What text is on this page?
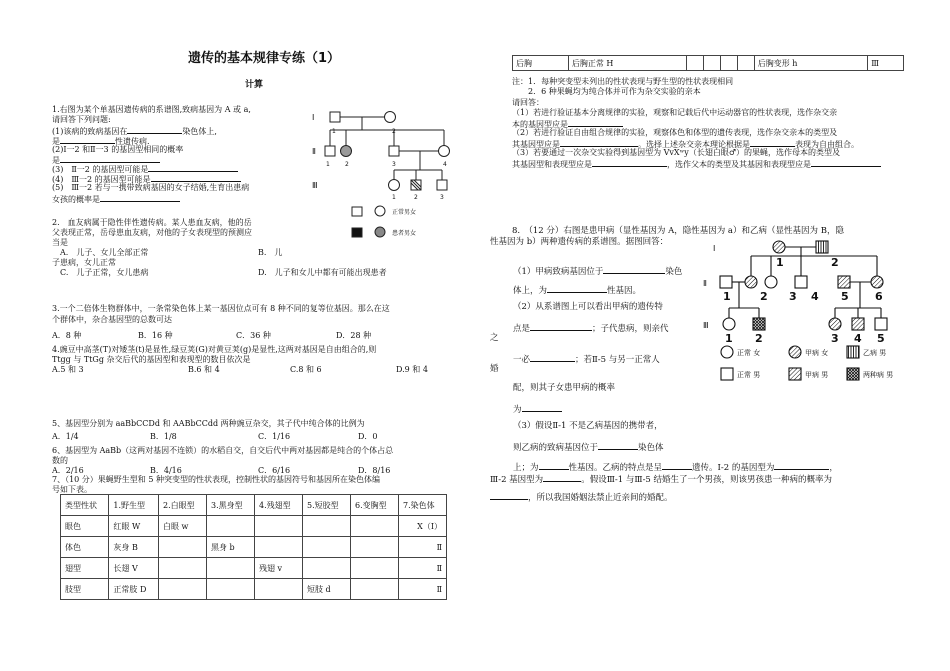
遗传的基本规律专练（1）
计算
1.右图为某个单基因遗传病的系谱图,致病基因为 A 或 a,
请回答下列问题:
(1)该病的致病基因在	染色体上,
是	性遗传病.
(2)Ⅰ一2 和Ⅱ一3 的基因型相同的概率
是
(3)　Ⅱ一2 的基因型可能是
(4)　Ⅲ一2 的基因型可能是
(5)　Ⅲ一2 若与一携带致病基因的女子结婚,生育出患病
女孩的概率是
Ⅰ
Ⅱ
Ⅲ
1	2
1	2	3	4
1	2	3
正常男女
患者男女
2.　血友病属于隐性伴性遗传病。某人患血友病，他的岳
父表现正常，岳母患血友病，对他的子女表现型的预测应
当是
A.　儿子、女儿全部正常	B.　儿
子患病，女儿正常
C.　儿子正常，女儿患病	D.　儿子和女儿中都有可能出现患者
3.一个二倍体生物群体中，一条常染色体上某一基因位点可有 8 种不同的复等位基因。那么在这
个群体中，杂合基因型的总数可达
A．8 种	B．16 种	C．36 种	D．28 种
4.豌豆中高茎(T)对矮茎(t)是显性,绿豆荚(G)对黄豆荚(g)是显性,这两对基因是自由组合的,则
Ttgg 与 TtGg 杂交后代的基因型和表现型的数目依次是
A.5 和 3	B.6 和 4	C.8 和 6	D.9 和 4
5、基因型分别为 aaBbCCDd 和 AABbCCdd 两种豌豆杂交，其子代中纯合体的比例为
A．1/4	B．1/8	C．1/16	D．0
6、基因型为 AaBb（这两对基因不连锁）的水稻自交，自交后代中两对基因都是纯合的个体占总
数的
A．2/16	B．4/16	C．6/16	D．8/16
7、（10 分）果蝇野生型和 5 种突变型的性状表现，控制性状的基因符号和基因所在染色体编
号如下表。
类型性状	1.野生型	2.白眼型	3.黑身型	4.残翅型	5.短胶型	6.变胸型	7.染色体
眼色	红眼 W	白眼 w					X（Ⅰ）
体色	灰身 B		黑身 b				Ⅱ
翅型	长翅 V			残翅 v			Ⅱ
肢型	正常肢 D				短肢 d		Ⅱ
后胸	后胸正常 H					后胸变形 h	Ⅲ
注：1．每种突变型未列出的性状表现与野生型的性状表现相同
　　2．6 种果蝇均为纯合体并可作为杂交实验的亲本
请回答：
（1）若进行验证基本分离规律的实验，观察和记载后代中运动器官的性状表现，选作杂交亲
本的基因型应是
（2）若进行验证自由组合规律的实验，观察体色和体型的遗传表现，选作杂交亲本的类型及
其基因型应是	。选择上述杂交亲本理论根据是	表现为自由组合。
（3）若要通过一次杂交实验得到基因型为 VvXʷy（长翅白眼♂）的果蝇，选作母本的类型及
其基因型和表现型应是	，选作父本的类型及其基因和表现型应是
8.　（12 分）右图是患甲病（显性基因为 A，隐性基因为 a）和乙病（显性基因为 B，隐
性基因为 b）两种遗传病的系谱图。据图回答：
（1）甲病致病基因位于	染色
体上，为	性基因。
（2）从系谱图上可以看出甲病的遗传特
点是	；子代患病，则亲代
之
一必	；若Ⅱ-5 与另一正常人
婚
配，则其子女患甲病的概率
为
（3）假设Ⅱ-1 不是乙病基因的携带者，
则乙病的致病基因位于	染色体
上；为	性基因。乙病的特点是呈	遗传。Ⅰ-2 的基因型为	，
Ⅲ-2 基因型为	。假设Ⅲ-1 与Ⅲ-5 结婚生了一个男孩，则该男孩患一种病的概率为
，所以我国婚姻法禁止近亲间的婚配。
Ⅰ
Ⅱ
Ⅲ
1	2
1	2 3 4 5 6
1 2	3 4 5
正常 女	甲病 女	乙病 男
正常 男	甲病 男	两种病 男
